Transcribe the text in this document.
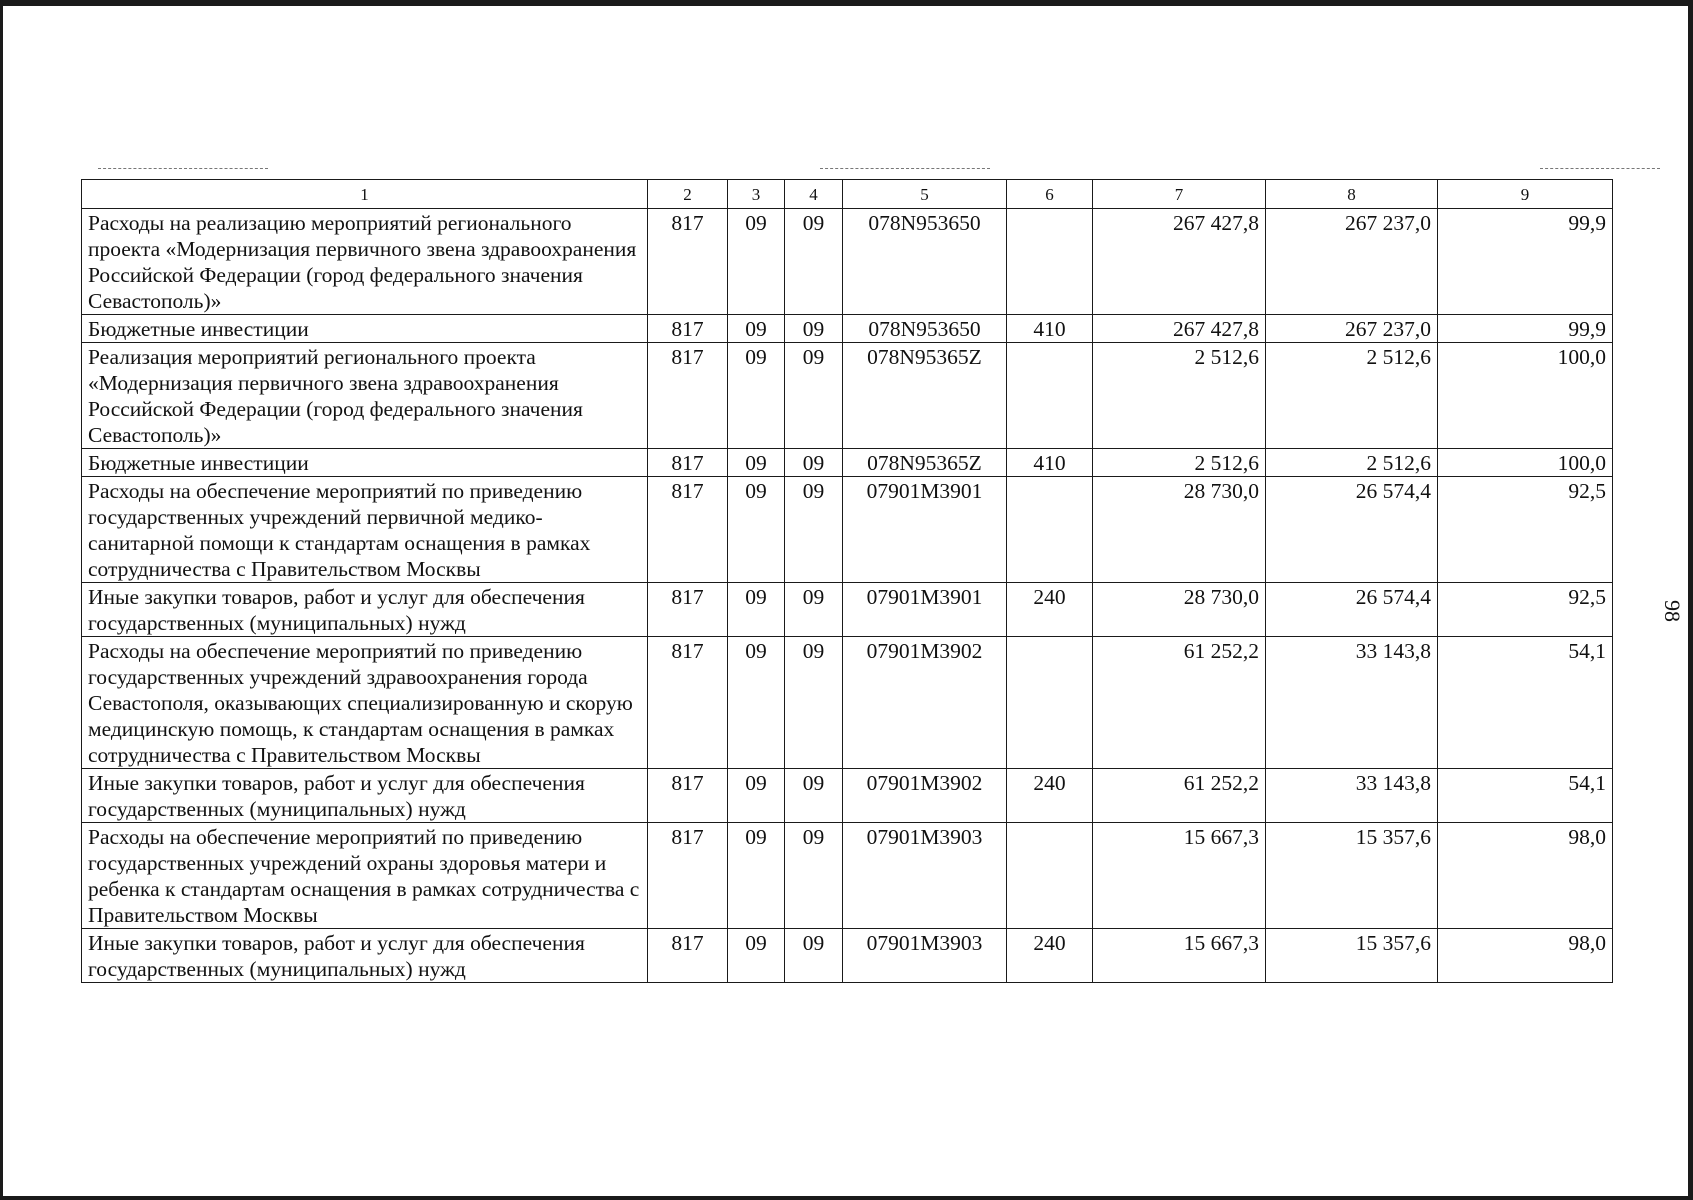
1	2	3	4	5	6	7	8	9
Расходы на реализацию мероприятий регионального проекта «Модернизация первичного звена здравоохранения Российской Федерации (город федерального значения Севастополь)»	817	09	09	078N953650		267 427,8	267 237,0	99,9
Бюджетные инвестиции	817	09	09	078N953650	410	267 427,8	267 237,0	99,9
Реализация мероприятий регионального проекта «Модернизация первичного звена здравоохранения Российской Федерации (город федерального значения Севастополь)»	817	09	09	078N95365Z		2 512,6	2 512,6	100,0
Бюджетные инвестиции	817	09	09	078N95365Z	410	2 512,6	2 512,6	100,0
Расходы на обеспечение мероприятий по приведению государственных учреждений первичной медико-санитарной помощи к стандартам оснащения в рамках сотрудничества с Правительством Москвы	817	09	09	07901M3901		28 730,0	26 574,4	92,5
Иные закупки товаров, работ и услуг для обеспечения государственных (муниципальных) нужд	817	09	09	07901M3901	240	28 730,0	26 574,4	92,5
Расходы на обеспечение мероприятий по приведению государственных учреждений здравоохранения города Севастополя, оказывающих специализированную и скорую медицинскую помощь, к стандартам оснащения в рамках сотрудничества с Правительством Москвы	817	09	09	07901M3902		61 252,2	33 143,8	54,1
Иные закупки товаров, работ и услуг для обеспечения государственных (муниципальных) нужд	817	09	09	07901M3902	240	61 252,2	33 143,8	54,1
Расходы на обеспечение мероприятий по приведению государственных учреждений охраны здоровья матери и ребенка к стандартам оснащения в рамках сотрудничества с Правительством Москвы	817	09	09	07901M3903		15 667,3	15 357,6	98,0
Иные закупки товаров, работ и услуг для обеспечения государственных (муниципальных) нужд	817	09	09	07901M3903	240	15 667,3	15 357,6	98,0
98
